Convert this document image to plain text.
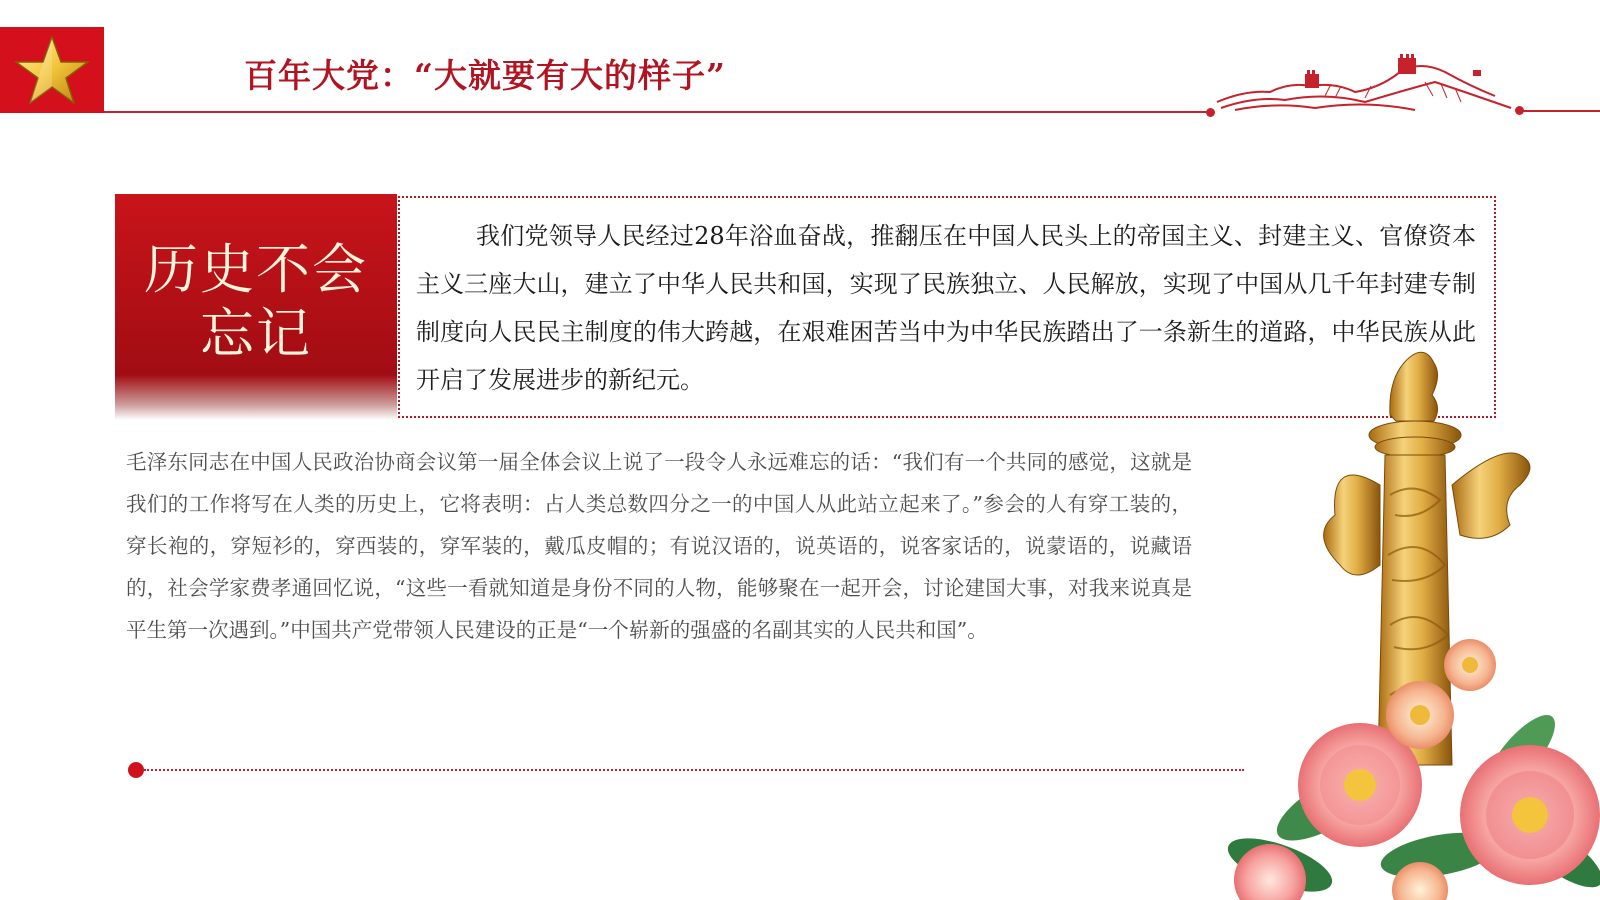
百年大党：“大就要有大的样子”
历史不会
忘记
我们党领导人民经过28年浴血奋战，推翻压在中国人民头上的帝国主义、封建主义、官僚资本主义三座大山，建立了中华人民共和国，实现了民族独立、人民解放，实现了中国从几千年封建专制制度向人民民主制度的伟大跨越，在艰难困苦当中为中华民族踏出了一条新生的道路，中华民族从此开启了发展进步的新纪元。
毛泽东同志在中国人民政治协商会议第一届全体会议上说了一段令人永远难忘的话：“我们有一个共同的感觉，这就是我们的工作将写在人类的历史上，它将表明：占人类总数四分之一的中国人从此站立起来了。”参会的人有穿工装的，穿长袍的，穿短衫的，穿西装的，穿军装的，戴瓜皮帽的；有说汉语的，说英语的，说客家话的，说蒙语的，说藏语的，社会学家费孝通回忆说，“这些一看就知道是身份不同的人物，能够聚在一起开会，讨论建国大事，对我来说真是平生第一次遇到。”中国共产党带领人民建设的正是“一个崭新的强盛的名副其实的人民共和国”。
